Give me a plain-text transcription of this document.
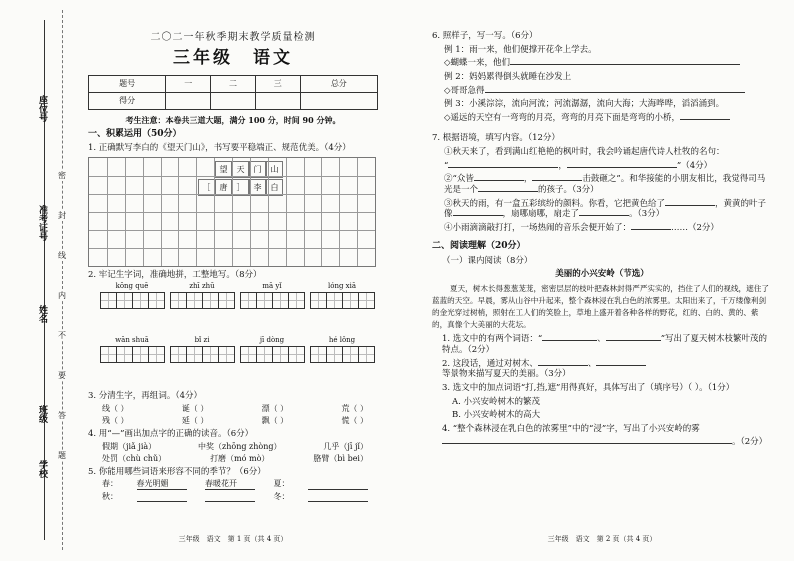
座位号
准考证号
姓名
班级
学校
密
封
线
内
不
要
答
题
二〇二一年秋季期末教学质量检测
三年级　语文
题号	一	二	三	总分
得分				
考生注意：本卷共三道大题，满分 100 分，时间 90 分钟。
一、积累运用（50分）
1. 正确默写李白的《望天门山》，书写要平稳端正、规范优美。（4分）
望	天	门	山
［	唐	］	李	白
2. 牢记生字词，准确地拼，工整地写。（8分）
kōng quē	zhī zhū	mā yǐ	lóng xiā
wān shuā	bǐ zi	jī dòng	hé lǒng
3. 分清生字，再组词。（4分）
线（ ）	诞（ ）	漂（ ）	荒（ ）
残（ ）	延（ ）	飘（ ）	慌（ ）
4. 用“—”画出加点字的正确的读音。（6分）
假期（jiǎ jià）	中奖（zhōng zhòng）	几乎（jī jǐ）
处罚（chù chǔ）	打磨（mó mò）	胳臂（bì bei）
5. 你能用哪些词语来形容不同的季节？（6分）
春： 春光明媚	春暖花开	夏：
秋：	冬：
三年级　语文　第 1 页（共 4 页）
6. 照样子，写一写。（6分）
例 1：雨一来，他们便撑开花伞上学去。
◇蝴蝶一来，他们
例 2：妈妈累得倒头就睡在沙发上
◇哥哥急得
例 3：小溪淙淙，流向河流；河流潺潺，流向大海；大海哗哗，滔滔涌到。
◇遥远的天空有一弯弯的月亮，弯弯的月亮下面是弯弯的小桥，
7. 根据语境，填写内容。（12分）
①秋天来了，看到满山红艳艳的枫叶时，我会吟诵起唐代诗人杜牧的名句：
“	，	”（4分）
②“众皆	，	击鼓砸之”。和华接能的小朋友相比，我觉得司马光是一个	的孩子。（3分）
③秋天的雨，有一盒五彩缤纷的颜料。你看，它把黄色给了	，黄黄的叶子像	，扇哪扇哪，扇走了	。（3分）
④小雨滴滴敲打打，一场热闹的音乐会便开始了：	……（2分）
二、阅读理解（20分）
（一）课内阅读（8分）
美丽的小兴安岭（节选）
夏天，树木长得葱葱茏茏，密密层层的枝叶把森林封得严严实实的，挡住了人们的视线，遮住了蓝蓝的天空。早晨，雾从山谷中升起来，整个森林浸在乳白色的浓雾里。太阳出来了，千万缕像利剑的金光穿过树梢，照射在工人们的笑脸上，草地上盛开着各种各样的野花，红的、白的、黄的、紫的，真像个大美丽的大花坛。
1. 选文中的有两个词语：“	、	”写出了夏天树木枝繁叶茂的特点。（2分）
2. 这段话，通过对树木、	、等景物来描写夏天的美丽。（3分）
3. 选文中的加点词语“打,挡,遮”用得真好，具体写出了（填序号）（ ）。（1分）
A. 小兴安岭树木的繁茂
B. 小兴安岭树木的高大
4. “整个森林浸在乳白色的浓雾里”中的“浸”字，写出了小兴安岭的雾
。（2分）
三年级　语文　第 2 页（共 4 页）
